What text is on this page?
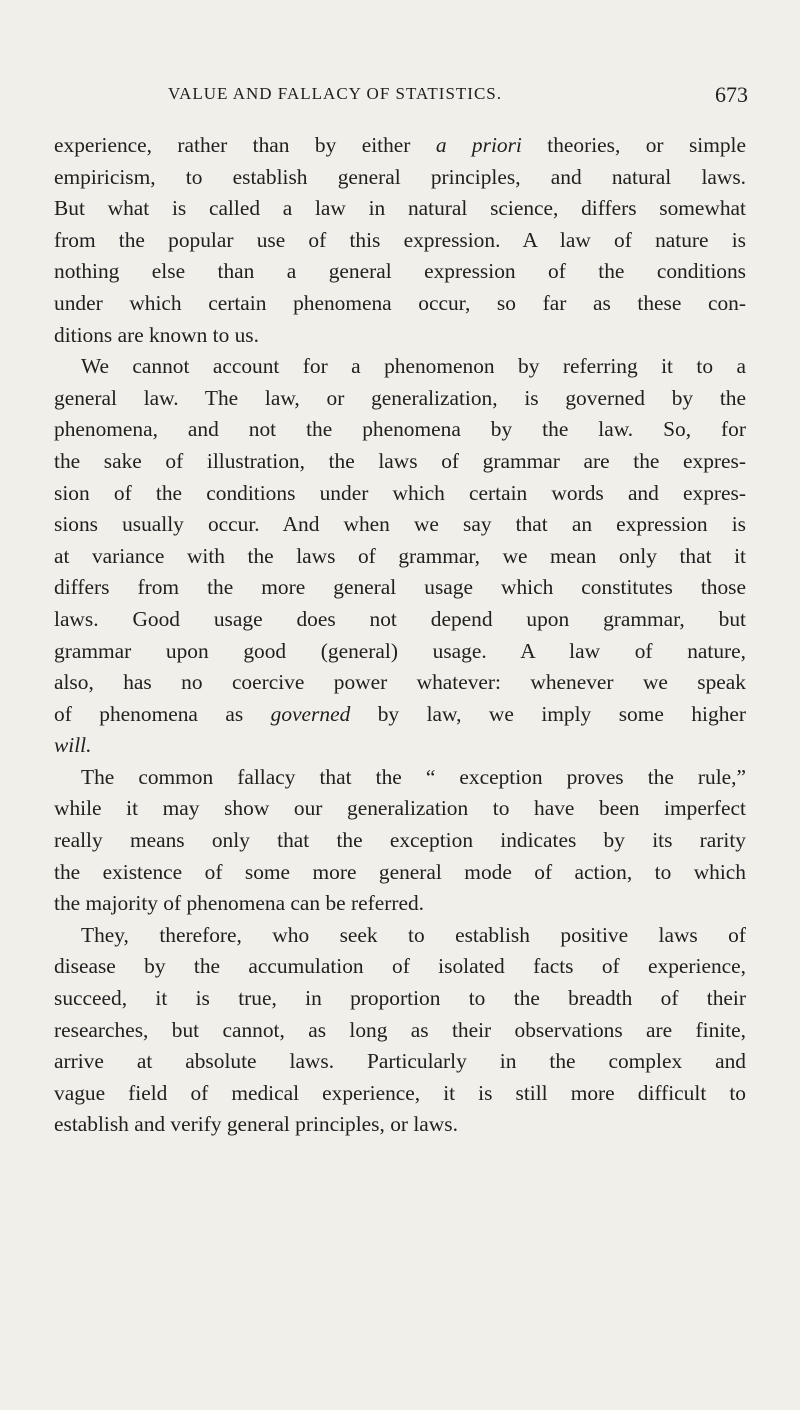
VALUE AND FALLACY OF STATISTICS.	673
experience, rather than by either a priori theories, or simple
empiricism, to establish general principles, and natural laws.
But what is called a law in natural science, differs somewhat
from the popular use of this expression. A law of nature is
nothing else than a general expression of the conditions
under which certain phenomena occur, so far as these con-
ditions are known to us.
We cannot account for a phenomenon by referring it to a
general law. The law, or generalization, is governed by the
phenomena, and not the phenomena by the law. So, for
the sake of illustration, the laws of grammar are the expres-
sion of the conditions under which certain words and expres-
sions usually occur. And when we say that an expression is
at variance with the laws of grammar, we mean only that it
differs from the more general usage which constitutes those
laws. Good usage does not depend upon grammar, but
grammar upon good (general) usage. A law of nature,
also, has no coercive power whatever: whenever we speak
of phenomena as governed by law, we imply some higher
will.
The common fallacy that the “ exception proves the rule,”
while it may show our generalization to have been imperfect
really means only that the exception indicates by its rarity
the existence of some more general mode of action, to which
the majority of phenomena can be referred.
They, therefore, who seek to establish positive laws of
disease by the accumulation of isolated facts of experience,
succeed, it is true, in proportion to the breadth of their
researches, but cannot, as long as their observations are finite,
arrive at absolute laws. Particularly in the complex and
vague field of medical experience, it is still more difficult to
establish and verify general principles, or laws.
